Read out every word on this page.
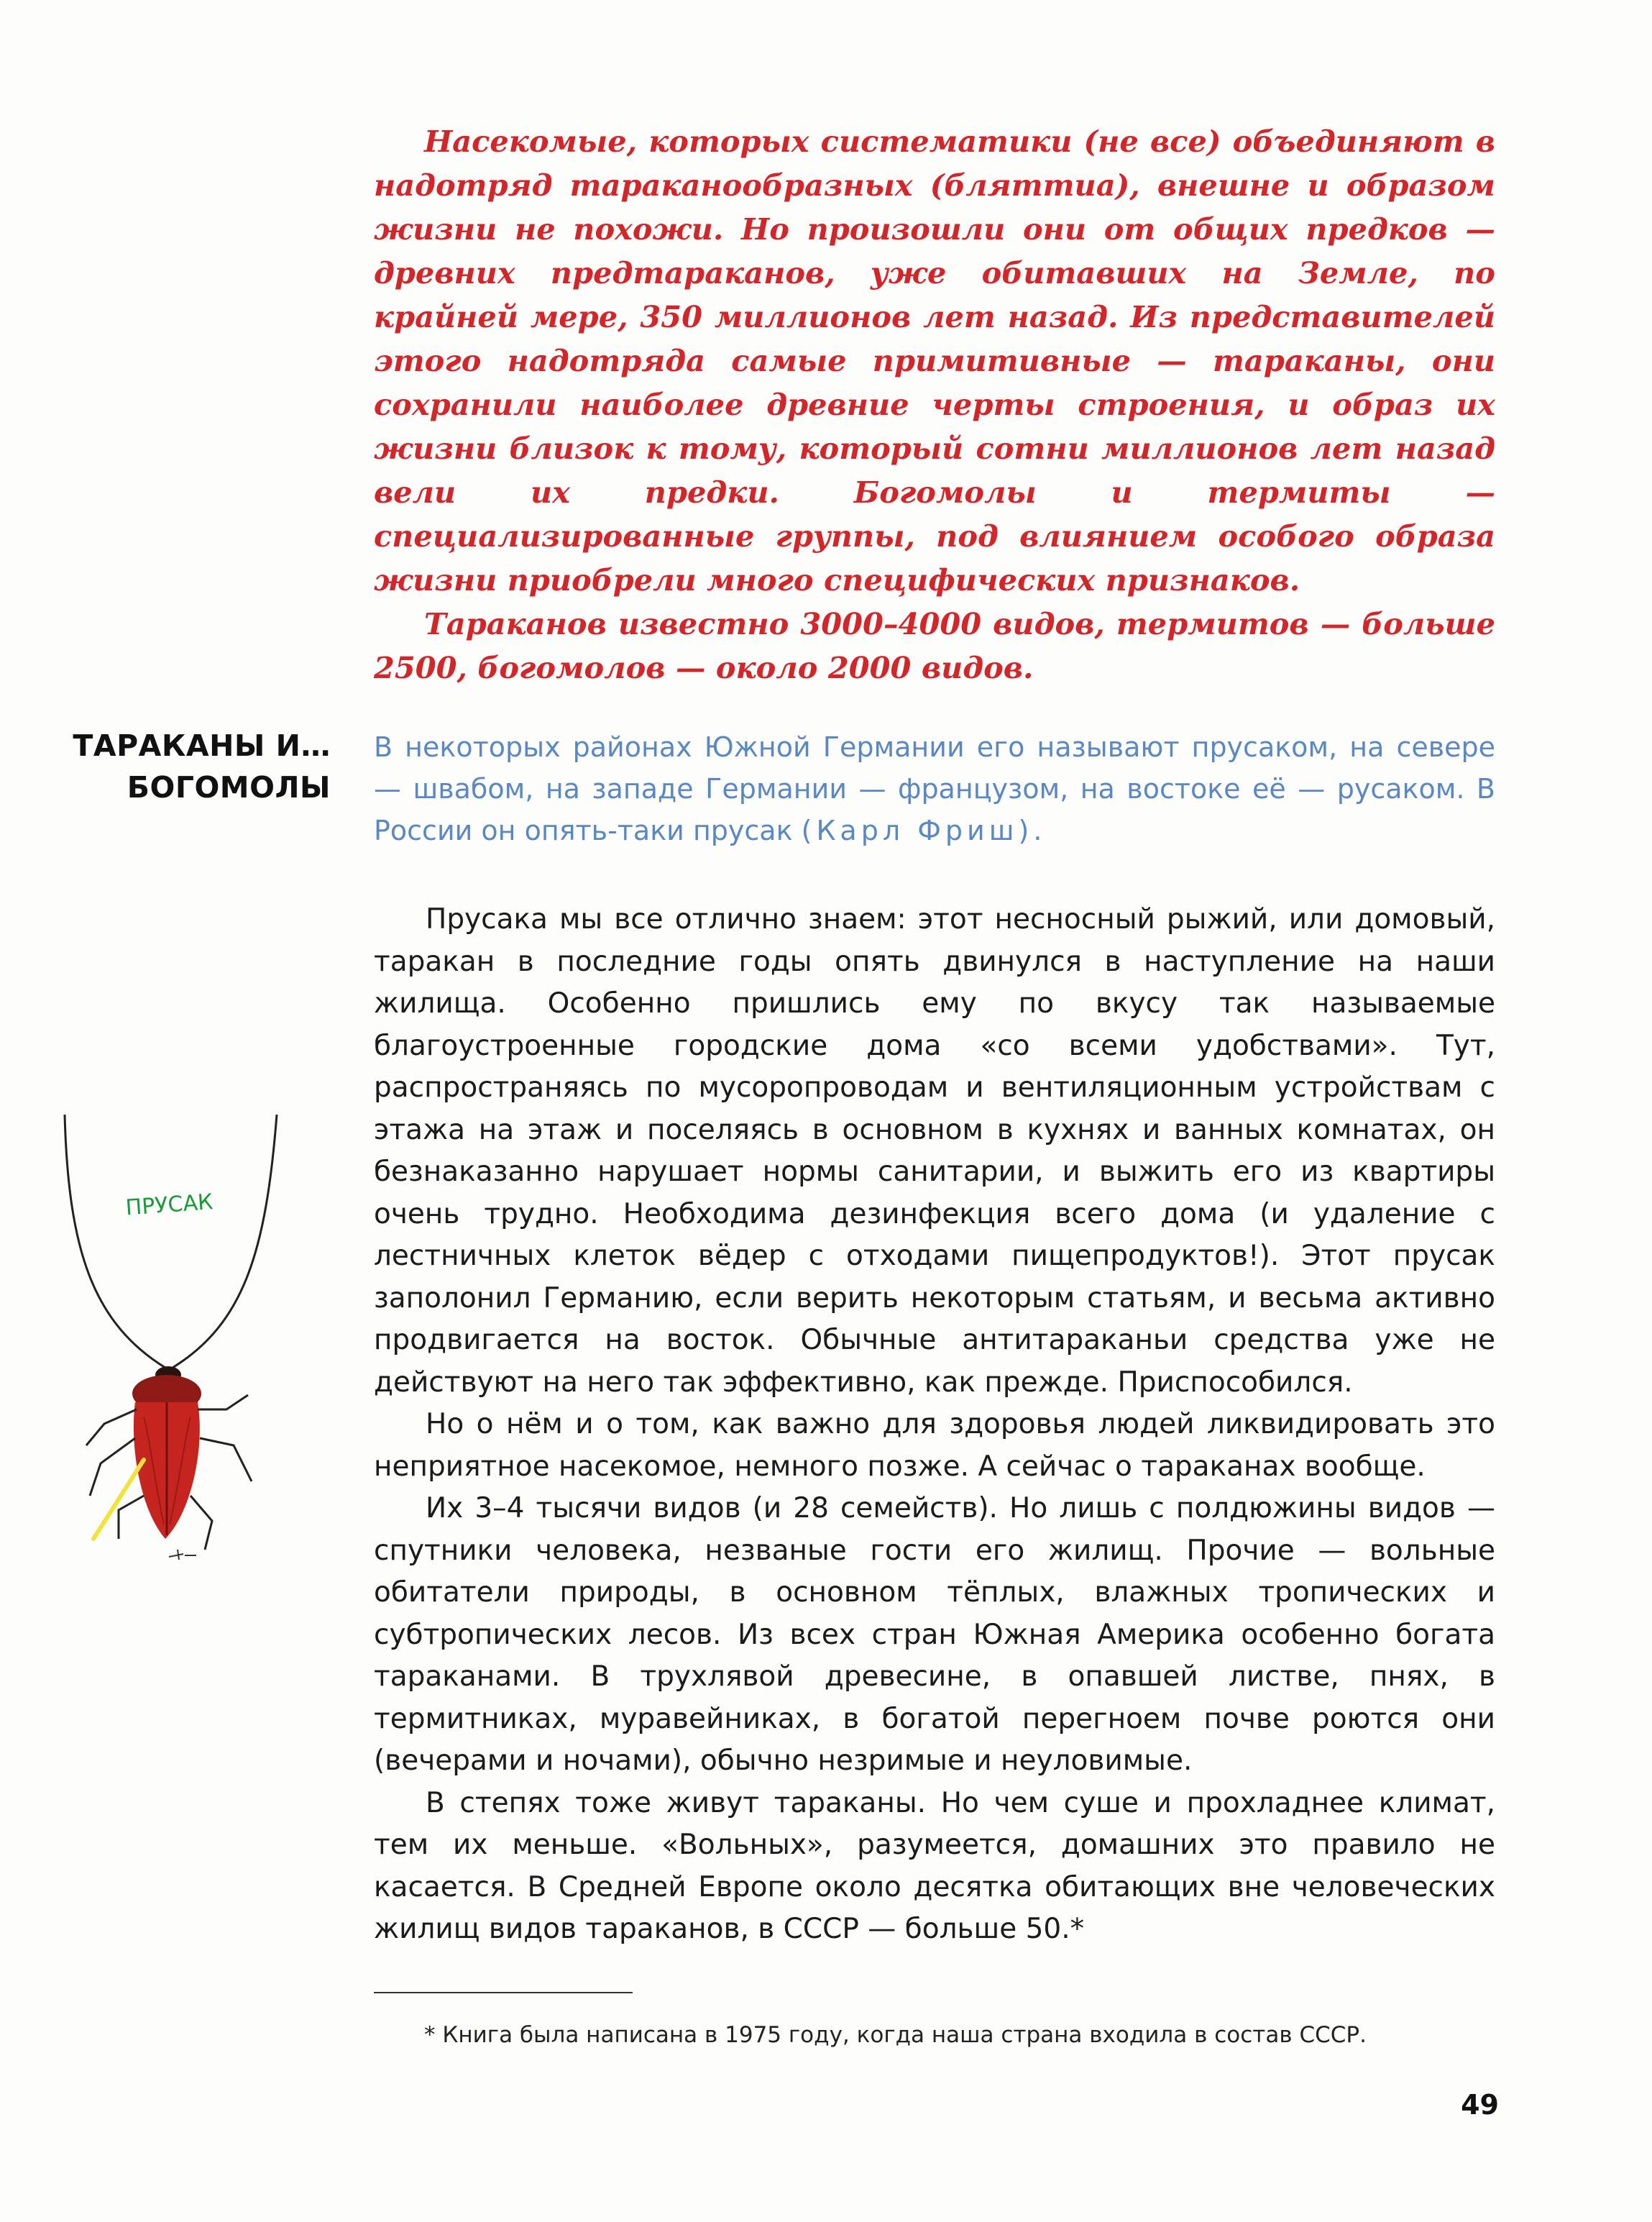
Насекомые, которых систематики (не все) объединяют в надотряд тараканообразных (бляттиа), внешне и образом жизни не похожи. Но произошли они от общих предков — древних предтараканов, уже обитавших на Земле, по крайней мере, 350 миллионов лет назад. Из представителей этого надотряда самые примитивные — тараканы, они сохранили наиболее древние черты строения, и образ их жизни близок к тому, который сотни миллионов лет назад вели их предки. Богомолы и термиты — специализированные группы, под влиянием особого образа жизни приобрели много специфических признаков.

Тараканов известно 3000–4000 видов, термитов — больше 2500, богомолов — около 2000 видов.

ТАРАКАНЫ И…
БОГОМОЛЫ

В некоторых районах Южной Германии его называют прусаком, на севере — швабом, на западе Германии — французом, на востоке её — русаком. В России он опять-таки прусак (Карл Фриш).

ПРУСАК

Прусака мы все отлично знаем: этот несносный рыжий, или домовый, таракан в последние годы опять двинулся в наступление на наши жилища. Особенно пришлись ему по вкусу так называемые благоустроенные городские дома «со всеми удобствами». Тут, распространяясь по мусоропроводам и вентиляционным устройствам с этажа на этаж и поселяясь в основном в кухнях и ванных комнатах, он безнаказанно нарушает нормы санитарии, и выжить его из квартиры очень трудно. Необходима дезинфекция всего дома (и удаление с лестничных клеток вёдер с отходами пищепродуктов!). Этот прусак заполонил Германию, если верить некоторым статьям, и весьма активно продвигается на восток. Обычные антитараканьи средства уже не действуют на него так эффективно, как прежде. Приспособился.

Но о нём и о том, как важно для здоровья людей ликвидировать это неприятное насекомое, немного позже. А сейчас о тараканах вообще.

Их 3–4 тысячи видов (и 28 семейств). Но лишь с полдюжины видов — спутники человека, незваные гости его жилищ. Прочие — вольные обитатели природы, в основном тёплых, влажных тропических и субтропических лесов. Из всех стран Южная Америка особенно богата тараканами. В трухлявой древесине, в опавшей листве, пнях, в термитниках, муравейниках, в богатой перегноем почве роются они (вечерами и ночами), обычно незримые и неуловимые.

В степях тоже живут тараканы. Но чем суше и прохладнее климат, тем их меньше. «Вольных», разумеется, домашних это правило не касается. В Средней Европе около десятка обитающих вне человеческих жилищ видов тараканов, в СССР — больше 50.*

* Книга была написана в 1975 году, когда наша страна входила в состав СССР.
49
